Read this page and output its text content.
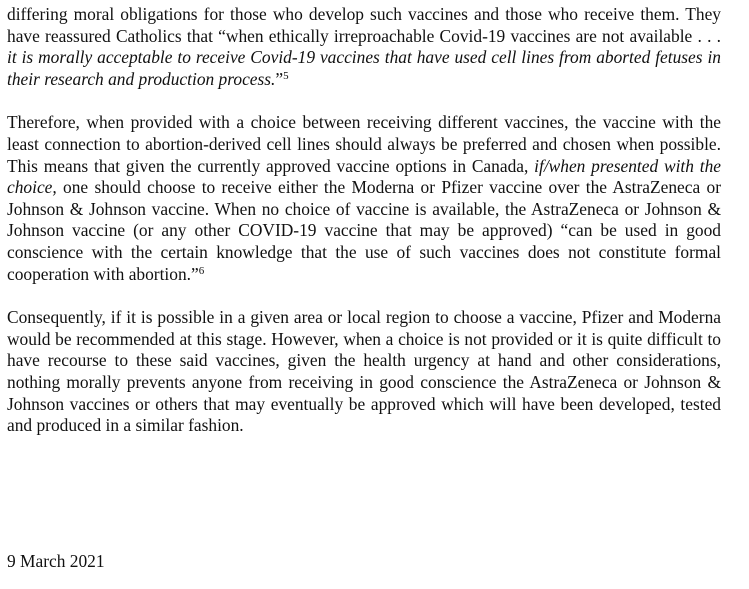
differing moral obligations for those who develop such vaccines and those who receive them. They have reassured Catholics that “when ethically irreproachable Covid-19 vaccines are not available . . . it is morally acceptable to receive Covid-19 vaccines that have used cell lines from aborted fetuses in their research and production process.”$^5$

Therefore, when provided with a choice between receiving different vaccines, the vaccine with the least connection to abortion-derived cell lines should always be preferred and chosen when possible. This means that given the currently approved vaccine options in Canada, if/when presented with the choice, one should choose to receive either the Moderna or Pfizer vaccine over the AstraZeneca or Johnson & Johnson vaccine. When no choice of vaccine is available, the AstraZeneca or Johnson & Johnson vaccine (or any other COVID-19 vaccine that may be approved) “can be used in good conscience with the certain knowledge that the use of such vaccines does not constitute formal cooperation with abortion.”$^6$

Consequently, if it is possible in a given area or local region to choose a vaccine, Pfizer and Moderna would be recommended at this stage. However, when a choice is not provided or it is quite difficult to have recourse to these said vaccines, given the health urgency at hand and other considerations, nothing morally prevents anyone from receiving in good conscience the AstraZeneca or Johnson & Johnson vaccines or others that may eventually be approved which will have been developed, tested and produced in a similar fashion.

9 March 2021
